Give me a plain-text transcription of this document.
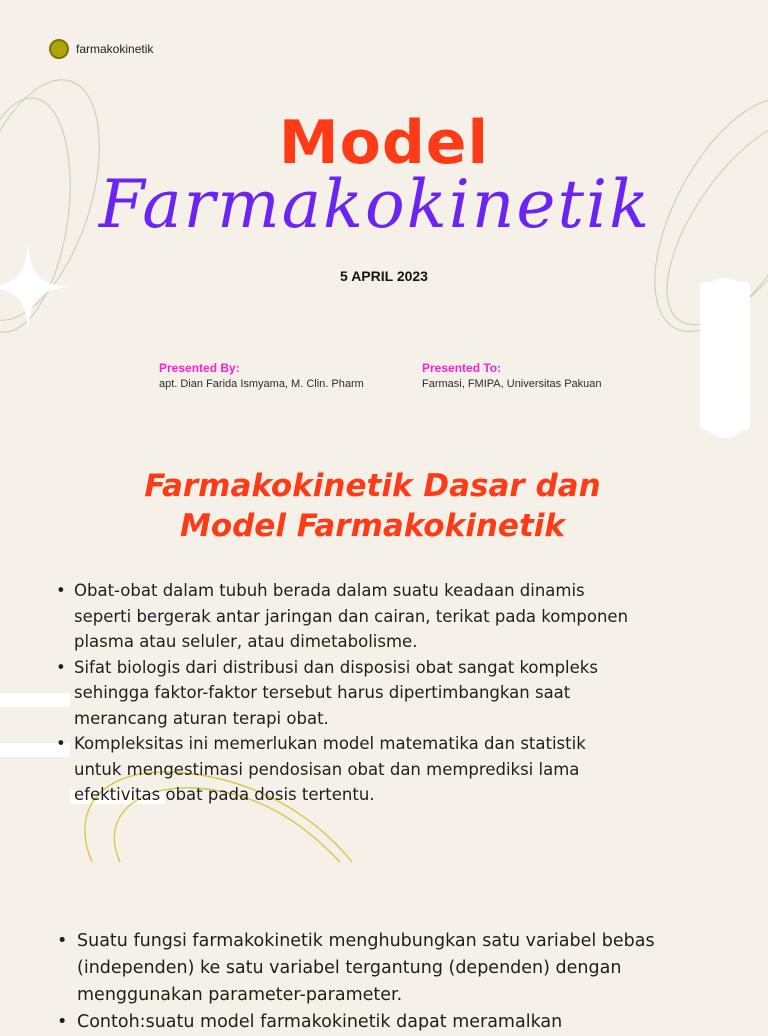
farmakokinetik
Model
Farmakokinetik
5 APRIL 2023
Presented By:
apt. Dian Farida Ismyama, M. Clin. Pharm
Presented To:
Farmasi, FMIPA, Universitas Pakuan
Farmakokinetik Dasar dan
Model Farmakokinetik
• Obat-obat dalam tubuh berada dalam suatu keadaan dinamis
seperti bergerak antar jaringan dan cairan, terikat pada komponen
plasma atau seluler, atau dimetabolisme.
• Sifat biologis dari distribusi dan disposisi obat sangat kompleks
sehingga faktor-faktor tersebut harus dipertimbangkan saat
merancang aturan terapi obat.
• Kompleksitas ini memerlukan model matematika dan statistik
untuk mengestimasi pendosisan obat dan memprediksi lama
efektivitas obat pada dosis tertentu.
• Suatu fungsi farmakokinetik menghubungkan satu variabel bebas
(independen) ke satu variabel tergantung (dependen) dengan
menggunakan parameter-parameter.
• Contoh:suatu model farmakokinetik dapat meramalkan
